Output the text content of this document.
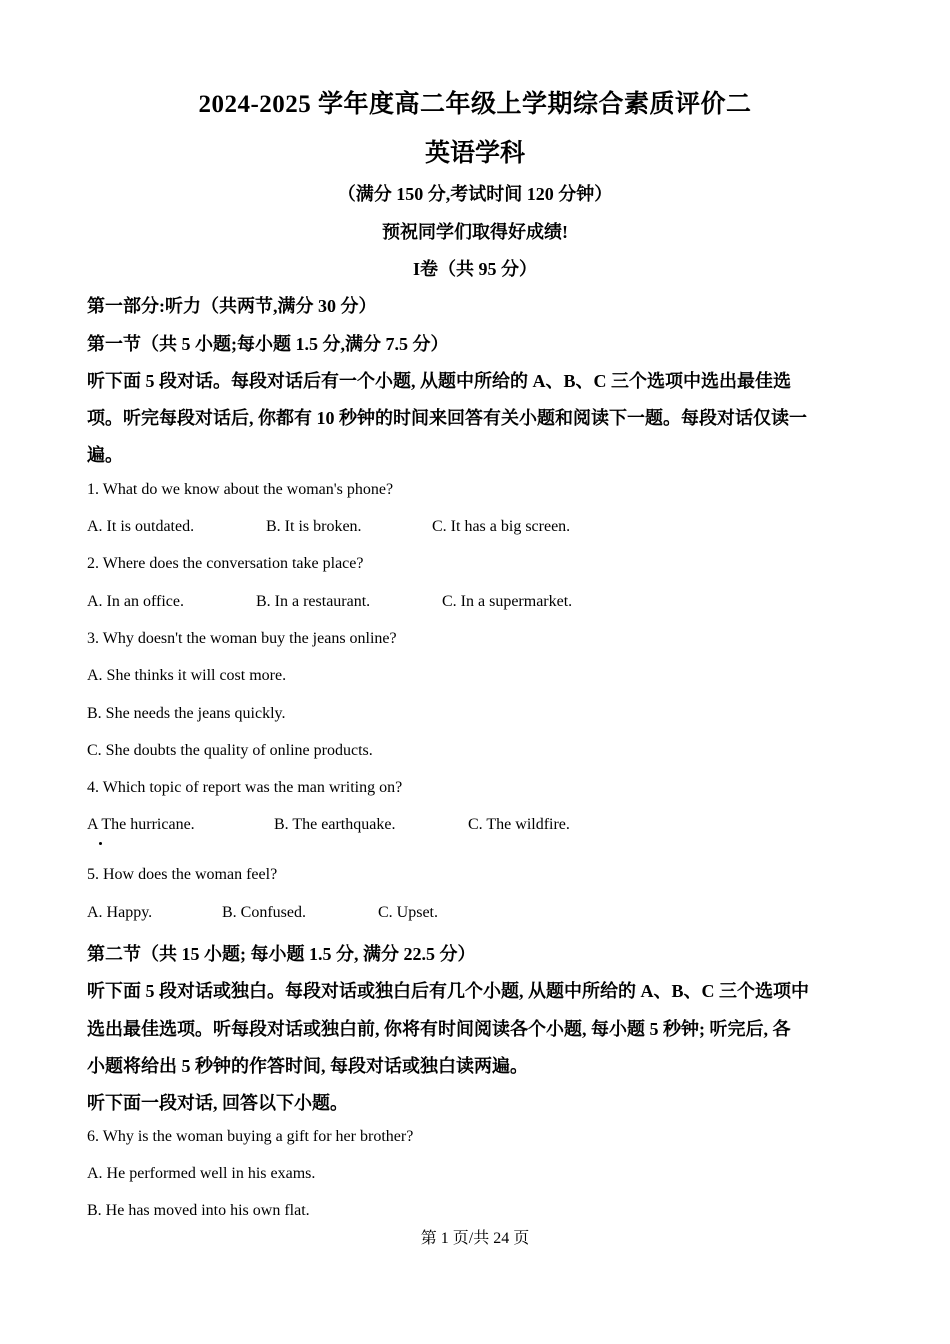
2024-2025 学年度高二年级上学期综合素质评价二
英语学科
（满分 150 分,考试时间 120 分钟）
预祝同学们取得好成绩!
I卷（共 95 分）
第一部分:听力（共两节,满分 30 分）
第一节（共 5 小题;每小题 1.5 分,满分 7.5 分）
听下面 5 段对话。每段对话后有一个小题, 从题中所给的 A、B、C 三个选项中选出最佳选
项。听完每段对话后, 你都有 10 秒钟的时间来回答有关小题和阅读下一题。每段对话仅读一
遍。
1. What do we know about the woman's phone?
A. It is outdated.	B. It is broken.	C. It has a big screen.
2. Where does the conversation take place?
A. In an office.	B. In a restaurant.	C. In a supermarket.
3. Why doesn't the woman buy the jeans online?
A. She thinks it will cost more.
B. She needs the jeans quickly.
C. She doubts the quality of online products.
4. Which topic of report was the man writing on?
A The hurricane.	B. The earthquake.	C. The wildfire.
5. How does the woman feel?
A. Happy.	B. Confused.	C. Upset.
第二节（共 15 小题; 每小题 1.5 分, 满分 22.5 分）
听下面 5 段对话或独白。每段对话或独白后有几个小题, 从题中所给的 A、B、C 三个选项中
选出最佳选项。听每段对话或独白前, 你将有时间阅读各个小题, 每小题 5 秒钟; 听完后, 各
小题将给出 5 秒钟的作答时间, 每段对话或独白读两遍。
听下面一段对话, 回答以下小题。
6. Why is the woman buying a gift for her brother?
A. He performed well in his exams.
B. He has moved into his own flat.
第 1 页/共 24 页
